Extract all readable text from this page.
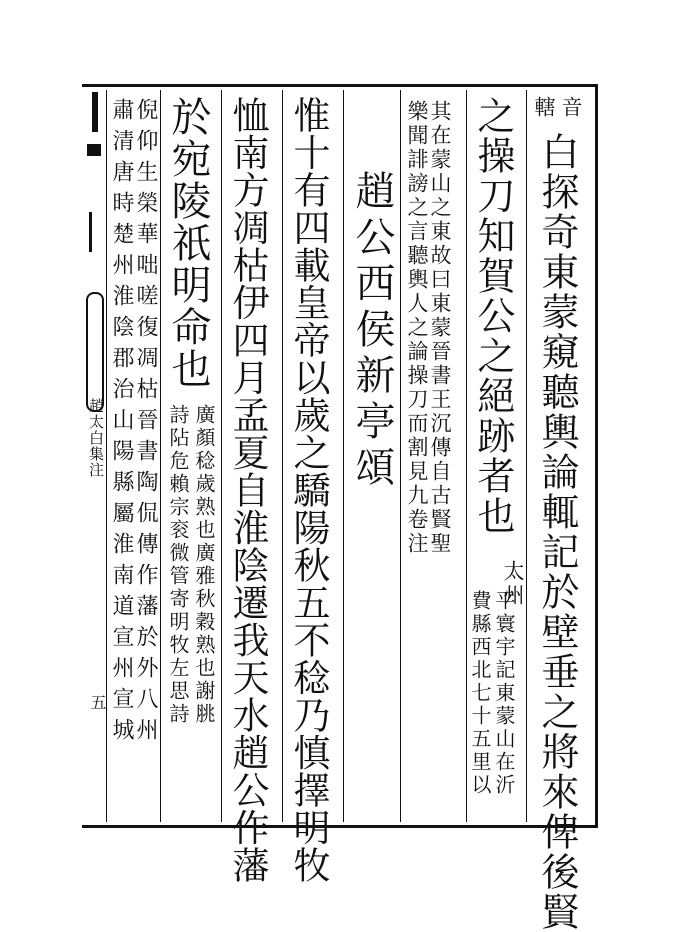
趙太白集注
五
音
轄
白探奇東蒙窺聽輿論輒記於壁垂之將來俾後賢
之操刀知賀公之絕跡者也
太州
平寰宇記東蒙山在沂
費縣西北七十五里以
其在蒙山之東故曰東蒙晉書王沉傳自古賢聖
樂聞誹謗之言聽輿人之論操刀而割見九卷注
趙公西侯新亭頌
惟十有四載皇帝以歲之驕陽秋五不稔乃慎擇明牧
恤南方凋枯伊四月孟夏自淮陰遷我天水趙公作藩
於宛陵祇明命也
廣顏稔歲熟也廣雅秋穀熟也謝脁
詩阽危賴宗衮微管寄明牧左思詩
倪仰生榮華咄嗟復凋枯晉書陶侃傳作藩於外八州
肅清唐時楚州淮陰郡治山陽縣屬淮南道宣州宣城
